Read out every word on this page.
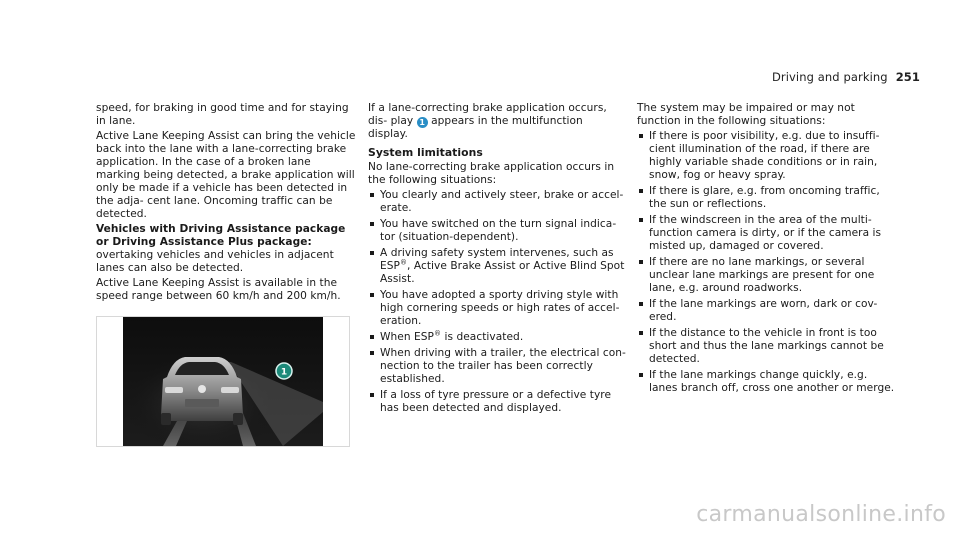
Driving and parking 251

speed, for braking in good time and for staying in lane.

Active Lane Keeping Assist can bring the vehicle back into the lane with a lane-correcting brake application. In the case of a broken lane marking being detected, a brake application will only be made if a vehicle has been detected in the adja- cent lane. Oncoming traffic can be detected.

Vehicles with Driving Assistance package or Driving Assistance Plus package: overtaking vehicles and vehicles in adjacent lanes can also be detected.

Active Lane Keeping Assist is available in the speed range between 60 km/h and 200 km/h.

1

If a lane-correcting brake application occurs, dis- play 1 appears in the multifunction display.

System limitations

No lane-correcting brake application occurs in the following situations:

You clearly and actively steer, brake or accel- erate.
You have switched on the turn signal indica- tor (situation-dependent).
A driving safety system intervenes, such as ESP®, Active Brake Assist or Active Blind Spot Assist.
You have adopted a sporty driving style with high cornering speeds or high rates of accel- eration.
When ESP® is deactivated.
When driving with a trailer, the electrical con- nection to the trailer has been correctly established.
If a loss of tyre pressure or a defective tyre has been detected and displayed.

The system may be impaired or may not function in the following situations:

If there is poor visibility, e.g. due to insuffi- cient illumination of the road, if there are highly variable shade conditions or in rain, snow, fog or heavy spray.
If there is glare, e.g. from oncoming traffic, the sun or reflections.
If the windscreen in the area of the multi- function camera is dirty, or if the camera is misted up, damaged or covered.
If there are no lane markings, or several unclear lane markings are present for one lane, e.g. around roadworks.
If the lane markings are worn, dark or cov- ered.
If the distance to the vehicle in front is too short and thus the lane markings cannot be detected.
If the lane markings change quickly, e.g. lanes branch off, cross one another or merge.
carmanualsonline.info
